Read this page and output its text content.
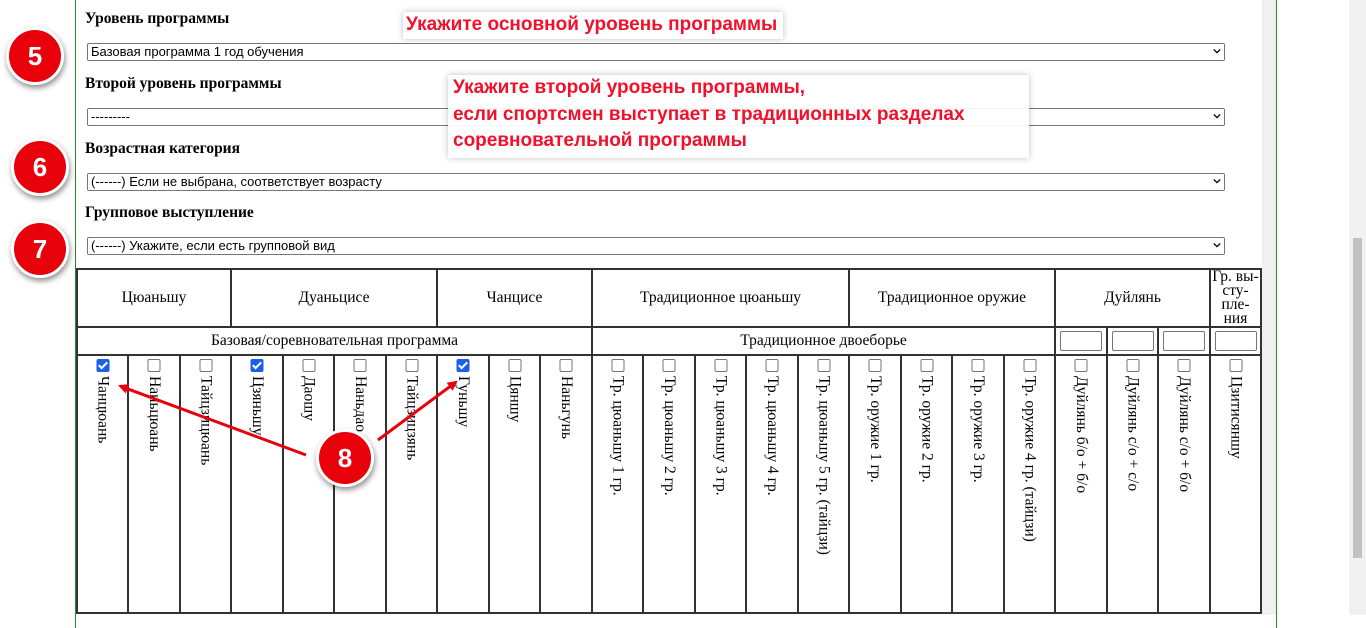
Уровень программы
Базовая программа 1 год обучения
Второй уровень программы
---------
Возрастная категория
(------) Если не выбрана, соответствует возрасту
Групповое выступление
(------) Укажите, если есть групповой вид
5
6
7
Укажите основной уровень программы
Укажите второй уровень программы,
если спортсмен выступает в традиционных разделах
соревновательной программы
Цюаньшу			Дуаньцисе				Чанцисе			Традиционное цюаньшу					Традиционное оружие				Дуйлянь			Гр. вы-сту-пле-ния
Базовая/соревновательная программа										Традиционное двоеборье												

Чанцюань	Наньцюань	Тайцзицюань	Цзяньшу	Даошу	Наньдао	Тайцзицзянь	Гуньшу	Цяншу	Наньгунь	Тр. цюаньшу 1 гр.	Тр. цюаньшу 2 гр.	Тр. цюаньшу 3 гр.	Тр. цюаньшу 4 гр.	Тр. цюаньшу 5 гр. (тайцзи)	Тр. оружие 1 гр.	Тр. оружие 2 гр.	Тр. оружие 3 гр.	Тр. оружие 4 гр. (тайцзи)	Дуйлянь б/о + б/о	Дуйлянь с/о + с/о	Дуйлянь с/о + б/о	Цзитисяншу
8
